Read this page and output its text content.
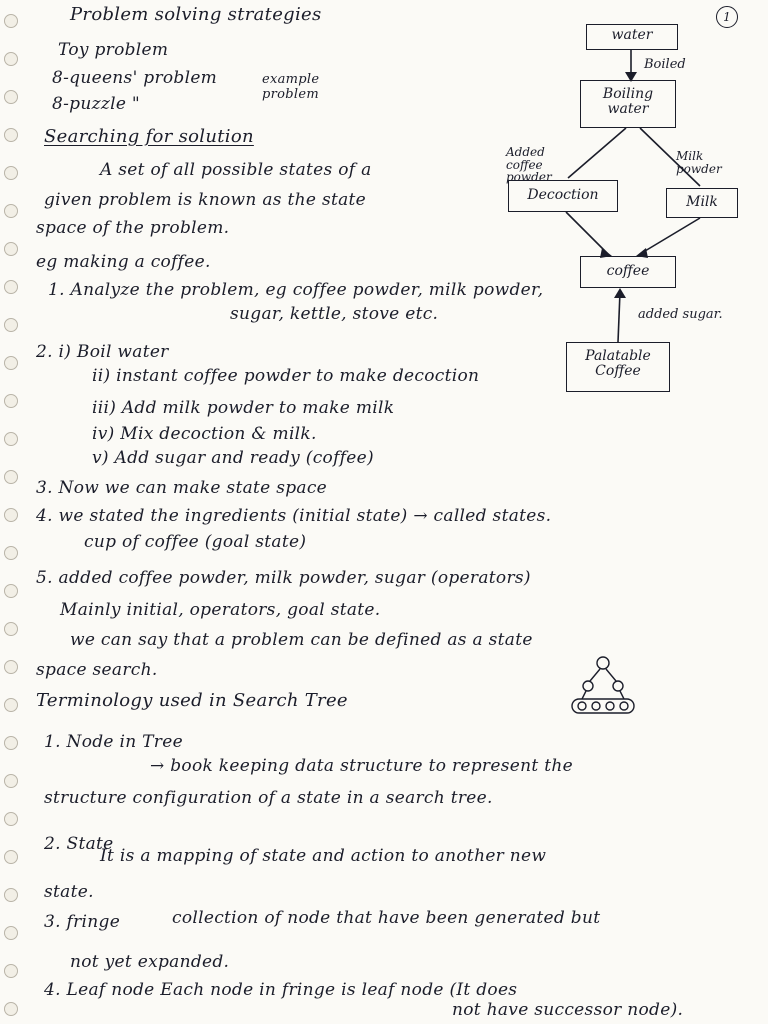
1
Problem solving strategies
Toy problem
8-queens' problem
8-puzzle "
example problem
Searching for solution
A set of all possible states of a
given problem is known as the state
space of the problem.
eg making a coffee.
1. Analyze the problem, eg coffee powder, milk powder,
sugar, kettle, stove etc.
2. i) Boil water
ii) instant coffee powder to make decoction
iii) Add milk powder to make milk
iv) Mix decoction & milk.
v) Add sugar and ready (coffee)
3. Now we can make state space
4. we stated the ingredients (initial state) → called states.
cup of coffee (goal state)
5. added coffee powder, milk powder, sugar (operators)
Mainly initial, operators, goal state.
we can say that a problem can be defined as a state
space search.
Terminology used in Search Tree
1. Node in Tree
→ book keeping data structure to represent the
structure configuration of a state in a search tree.
2. State
It is a mapping of state and action to another new
state.
3. fringe	collection of node that have been generated but
not yet expanded.
4. Leaf node Each node in fringe is leaf node (It does
not have successor node).
water
Boiled
Boiling water
Added coffee powder
Milk powder
Decoction	Milk
coffee
added sugar.
Palatable Coffee
